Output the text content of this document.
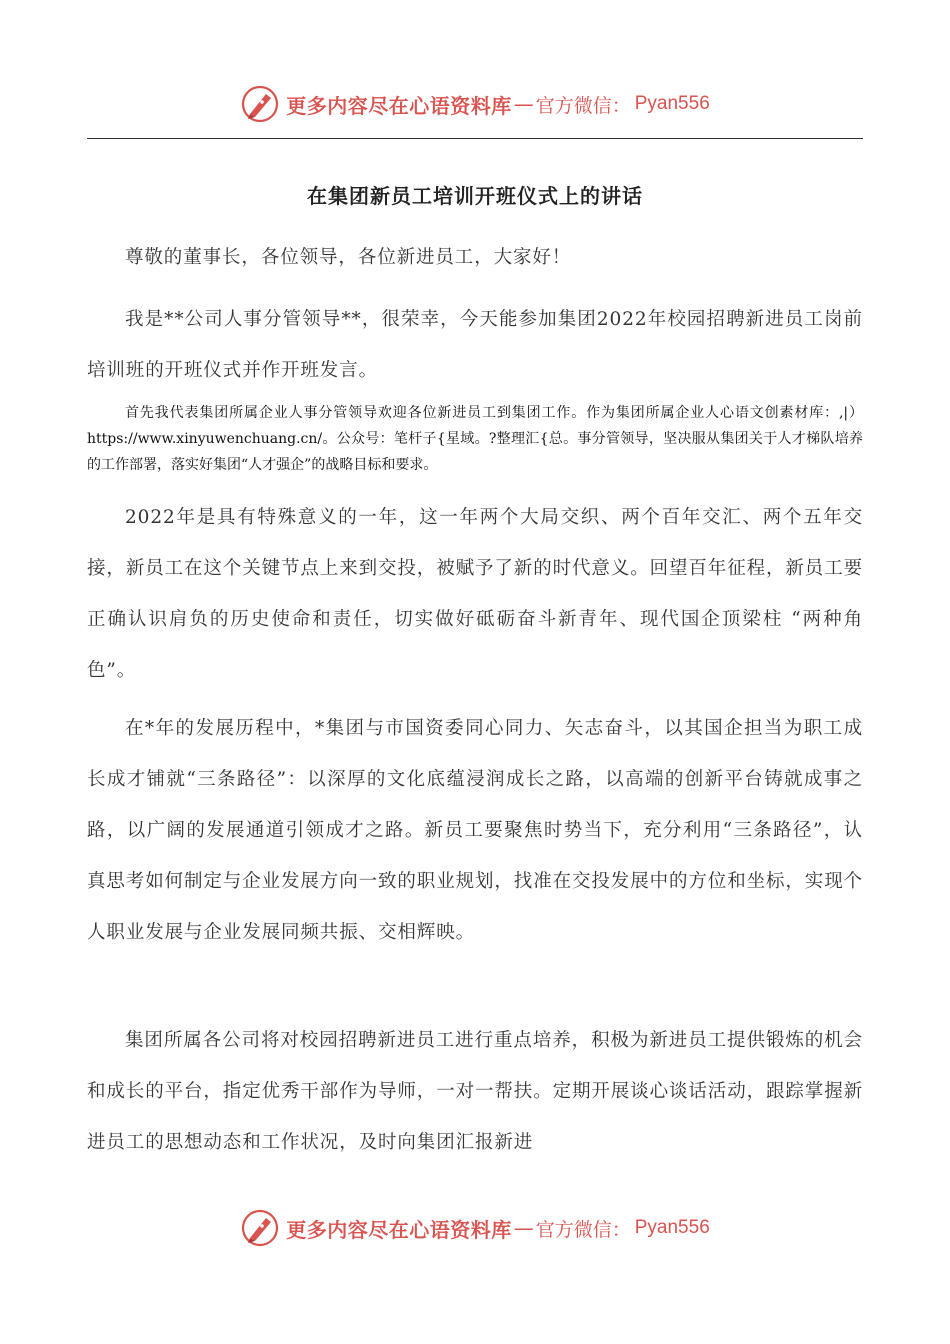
更多内容尽在心语资料库 — 官方微信： Pyan556
在集团新员工培训开班仪式上的讲话

尊敬的董事长，各位领导，各位新进员工，大家好！

我是**公司人事分管领导**，很荣幸，今天能参加集团2022年校园招聘新进员工岗前培训班的开班仪式并作开班发言。

首先我代表集团所属企业人事分管领导欢迎各位新进员工到集团工作。作为集团所属企业人心语文创素材库：,|）https://www.xinyuwenchuang.cn/。公众号：笔杆子{星域。?整理汇{总。事分管领导，坚决服从集团关于人才梯队培养的工作部署，落实好集团“人才强企”的战略目标和要求。

2022年是具有特殊意义的一年，这一年两个大局交织、两个百年交汇、两个五年交接，新员工在这个关键节点上来到交投，被赋予了新的时代意义。回望百年征程，新员工要正确认识肩负的历史使命和责任，切实做好砥砺奋斗新青年、现代国企顶梁柱 “两种角色”。

在*年的发展历程中，*集团与市国资委同心同力、矢志奋斗，以其国企担当为职工成长成才铺就“三条路径”：以深厚的文化底蕴浸润成长之路，以高端的创新平台铸就成事之路，以广阔的发展通道引领成才之路。新员工要聚焦时势当下，充分利用“三条路径”，认真思考如何制定与企业发展方向一致的职业规划，找准在交投发展中的方位和坐标，实现个人职业发展与企业发展同频共振、交相辉映。

集团所属各公司将对校园招聘新进员工进行重点培养，积极为新进员工提供锻炼的机会和成长的平台，指定优秀干部作为导师，一对一帮扶。定期开展谈心谈话活动，跟踪掌握新进员工的思想动态和工作状况，及时向集团汇报新进

更多内容尽在心语资料库 — 官方微信： Pyan556
